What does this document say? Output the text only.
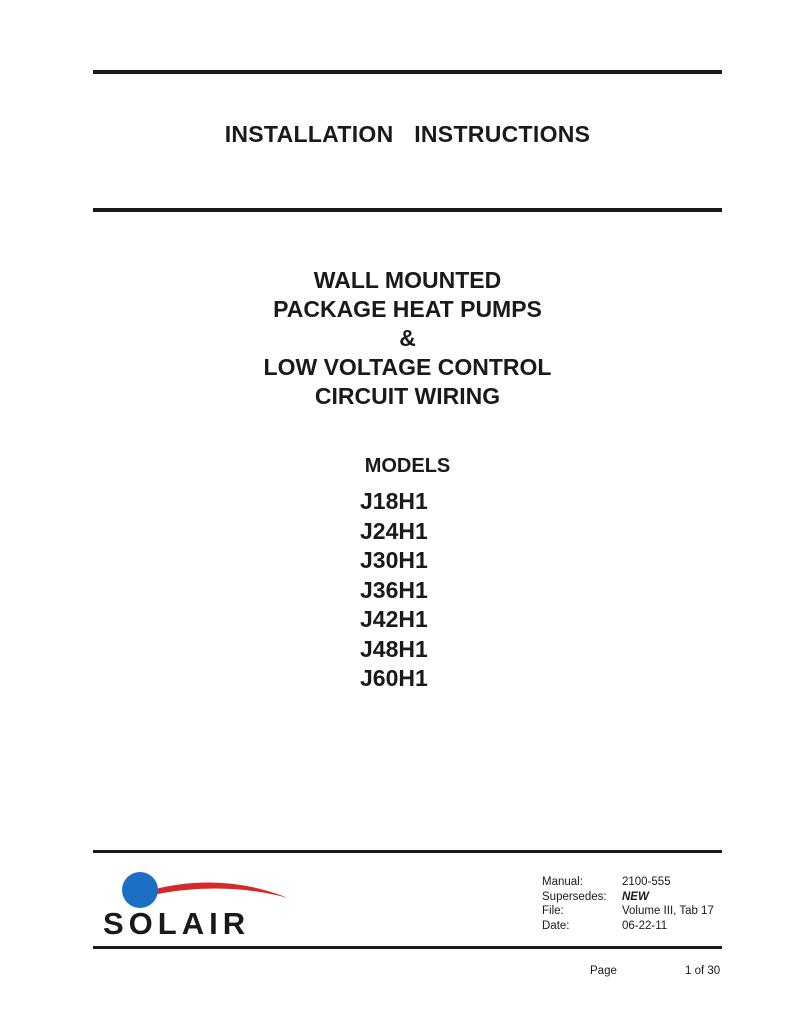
INSTALLATION INSTRUCTIONS
WALL MOUNTED
PACKAGE HEAT PUMPS
&
LOW VOLTAGE CONTROL
CIRCUIT WIRING
MODELS
J18H1
J24H1
J30H1
J36H1
J42H1
J48H1
J60H1
SOLAIR
Manual:	2100-555
Supersedes:	NEW
File:	Volume III, Tab 17
Date:	06-22-11
Page	1 of 30
